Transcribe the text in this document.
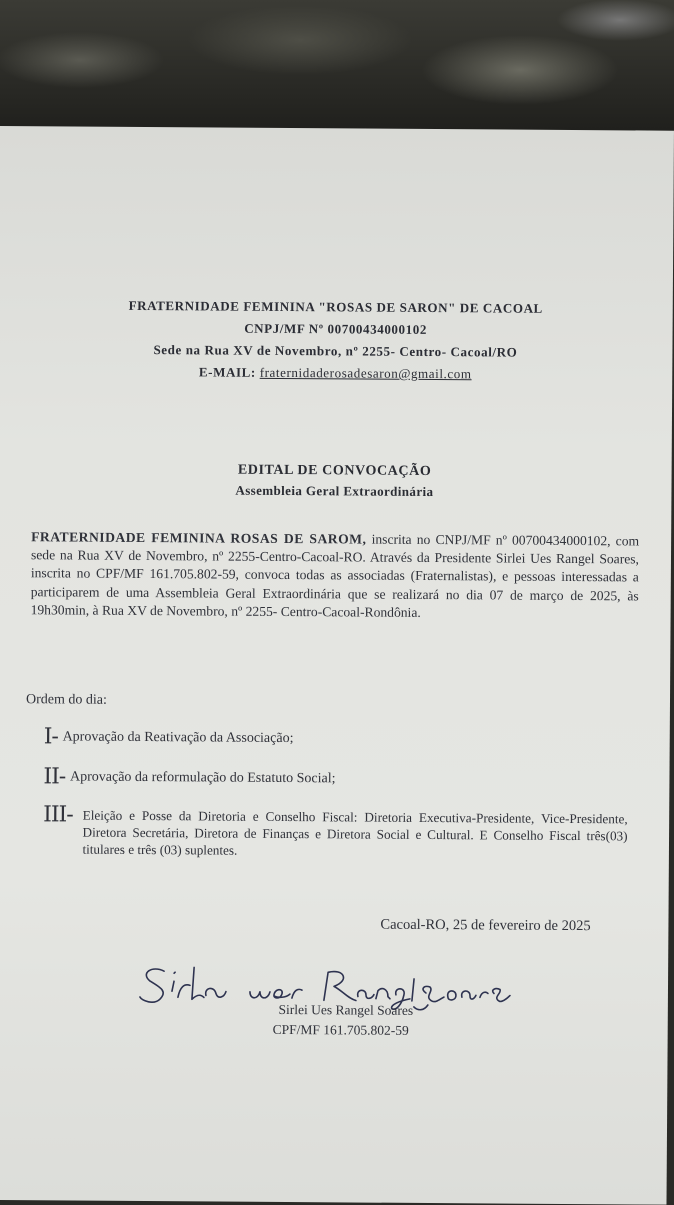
FRATERNIDADE FEMININA "ROSAS DE SARON" DE CACOAL
CNPJ/MF Nº 00700434000102
Sede na Rua XV de Novembro, nº 2255- Centro- Cacoal/RO
E-MAIL: fraternidaderosadesaron@gmail.com
EDITAL DE CONVOCAÇÃO
Assembleia Geral Extraordinária
FRATERNIDADE FEMININA ROSAS DE SAROM, inscrita no CNPJ/MF nº 00700434000102, com sede na Rua XV de Novembro, nº 2255-Centro-Cacoal-RO. Através da Presidente Sirlei Ues Rangel Soares, inscrita no CPF/MF 161.705.802-59, convoca todas as associadas (Fraternalistas), e pessoas interessadas a participarem de uma Assembleia Geral Extraordinária que se realizará no dia 07 de março de 2025, às 19h30min, à Rua XV de Novembro, nº 2255- Centro-Cacoal-Rondônia.
Ordem do dia:
I- Aprovação da Reativação da Associação;
II- Aprovação da reformulação do Estatuto Social;
III- Eleição e Posse da Diretoria e Conselho Fiscal: Diretoria Executiva-Presidente, Vice-Presidente, Diretora Secretária, Diretora de Finanças e Diretora Social e Cultural. E Conselho Fiscal três(03) titulares e três (03) suplentes.
Cacoal-RO, 25 de fevereiro de 2025
Sirlei Ues Rangel Soares
CPF/MF 161.705.802-59
